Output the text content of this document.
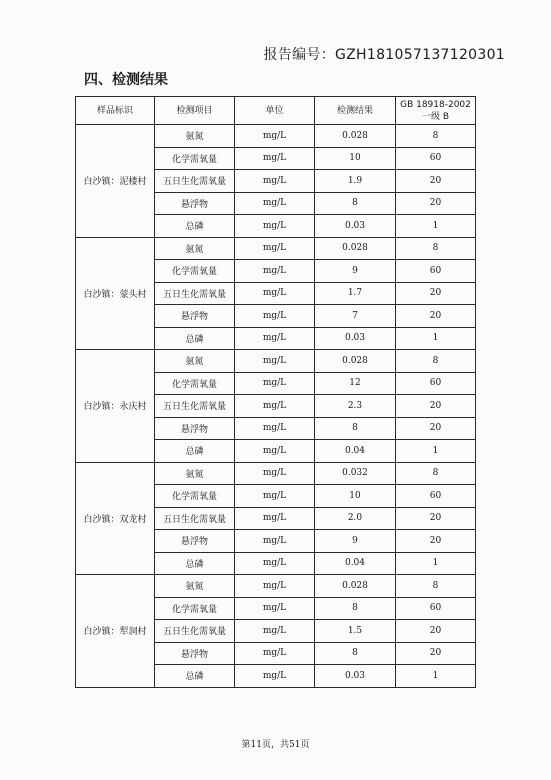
报告编号：GZH181057137120301
四、检测结果
样品标识	检测项目	单位	检测结果	GB 18918-2002
一级 B

白沙镇：泥楼村	氨氮	mg/L	0.028	8
	化学需氧量	mg/L	10	60
	五日生化需氧量	mg/L	1.9	20
	悬浮物	mg/L	8	20
	总磷	mg/L	0.03	1
白沙镇：蒙头村	氨氮	mg/L	0.028	8
	化学需氧量	mg/L	9	60
	五日生化需氧量	mg/L	1.7	20
	悬浮物	mg/L	7	20
	总磷	mg/L	0.03	1
白沙镇：永庆村	氨氮	mg/L	0.028	8
	化学需氧量	mg/L	12	60
	五日生化需氧量	mg/L	2.3	20
	悬浮物	mg/L	8	20
	总磷	mg/L	0.04	1
白沙镇：双龙村	氨氮	mg/L	0.032	8
	化学需氧量	mg/L	10	60
	五日生化需氧量	mg/L	2.0	20
	悬浮物	mg/L	9	20
	总磷	mg/L	0.04	1
白沙镇：犁洞村	氨氮	mg/L	0.028	8
	化学需氧量	mg/L	8	60
	五日生化需氧量	mg/L	1.5	20
	悬浮物	mg/L	8	20
	总磷	mg/L	0.03	1
第11页，共51页
